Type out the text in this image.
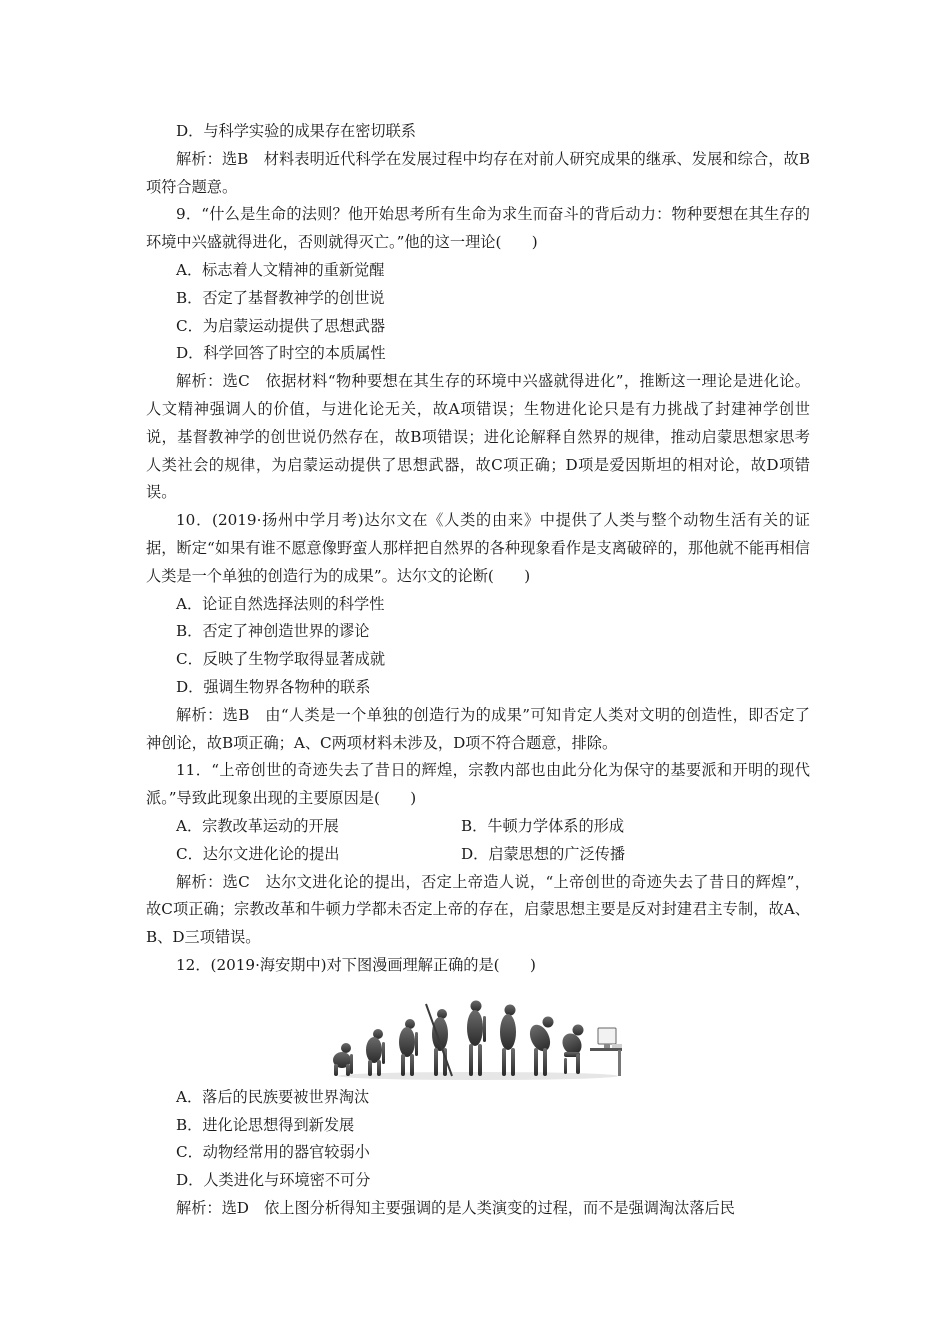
D．与科学实验的成果存在密切联系

解析：选B　材料表明近代科学在发展过程中均存在对前人研究成果的继承、发展和综合，故B项符合题意。

9．“什么是生命的法则？他开始思考所有生命为求生而奋斗的背后动力：物种要想在其生存的环境中兴盛就得进化，否则就得灭亡。”他的这一理论(　　)

A．标志着人文精神的重新觉醒

B．否定了基督教神学的创世说

C．为启蒙运动提供了思想武器

D．科学回答了时空的本质属性

解析：选C　依据材料“物种要想在其生存的环境中兴盛就得进化”，推断这一理论是进化论。人文精神强调人的价值，与进化论无关，故A项错误；生物进化论只是有力挑战了封建神学创世说，基督教神学的创世说仍然存在，故B项错误；进化论解释自然界的规律，推动启蒙思想家思考人类社会的规律，为启蒙运动提供了思想武器，故C项正确；D项是爱因斯坦的相对论，故D项错误。

10．(2019·扬州中学月考)达尔文在《人类的由来》中提供了人类与整个动物生活有关的证据，断定“如果有谁不愿意像野蛮人那样把自然界的各种现象看作是支离破碎的，那他就不能再相信人类是一个单独的创造行为的成果”。达尔文的论断(　　)

A．论证自然选择法则的科学性

B．否定了神创造世界的谬论

C．反映了生物学取得显著成就

D．强调生物界各物种的联系

解析：选B　由“人类是一个单独的创造行为的成果”可知肯定人类对文明的创造性，即否定了神创论，故B项正确；A、C两项材料未涉及，D项不符合题意，排除。

11．“上帝创世的奇迹失去了昔日的辉煌，宗教内部也由此分化为保守的基要派和开明的现代派。”导致此现象出现的主要原因是(　　)

A．宗教改革运动的开展	B．牛顿力学体系的形成
C．达尔文进化论的提出	D．启蒙思想的广泛传播

解析：选C　达尔文进化论的提出，否定上帝造人说，“上帝创世的奇迹失去了昔日的辉煌”，故C项正确；宗教改革和牛顿力学都未否定上帝的存在，启蒙思想主要是反对封建君主专制，故A、B、D三项错误。

12．(2019·海安期中)对下图漫画理解正确的是(　　)

A．落后的民族要被世界淘汰

B．进化论思想得到新发展

C．动物经常用的器官较弱小

D．人类进化与环境密不可分

解析：选D　依上图分析得知主要强调的是人类演变的过程，而不是强调淘汰落后民
